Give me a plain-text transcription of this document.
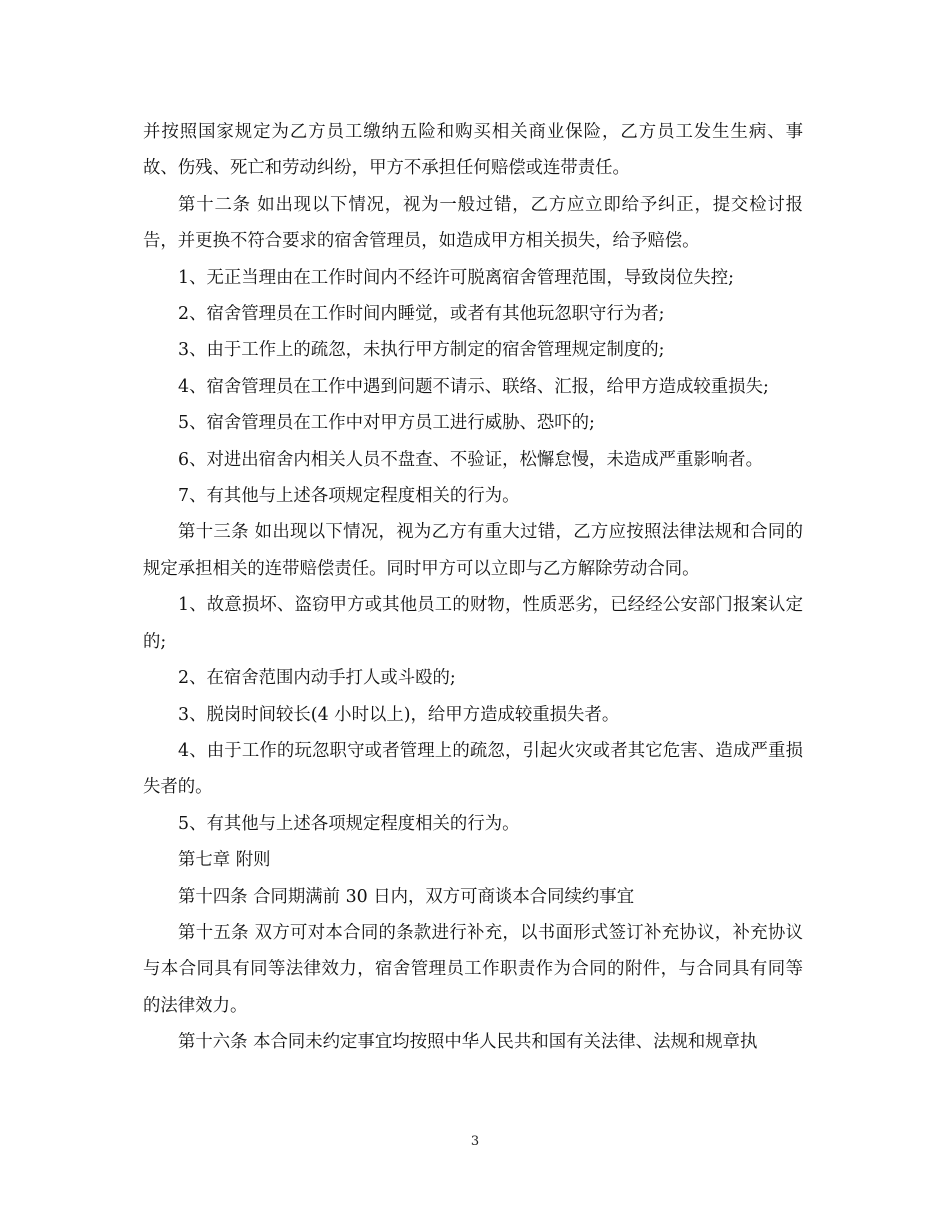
并按照国家规定为乙方员工缴纳五险和购买相关商业保险，乙方员工发生生病、事故、伤残、死亡和劳动纠纷，甲方不承担任何赔偿或连带责任。

第十二条 如出现以下情况，视为一般过错，乙方应立即给予纠正，提交检讨报告，并更换不符合要求的宿舍管理员，如造成甲方相关损失，给予赔偿。

1、无正当理由在工作时间内不经许可脱离宿舍管理范围，导致岗位失控;

2、宿舍管理员在工作时间内睡觉，或者有其他玩忽职守行为者;

3、由于工作上的疏忽，未执行甲方制定的宿舍管理规定制度的;

4、宿舍管理员在工作中遇到问题不请示、联络、汇报，给甲方造成较重损失;

5、宿舍管理员在工作中对甲方员工进行威胁、恐吓的;

6、对进出宿舍内相关人员不盘查、不验证，松懈怠慢，未造成严重影响者。

7、有其他与上述各项规定程度相关的行为。

第十三条 如出现以下情况，视为乙方有重大过错，乙方应按照法律法规和合同的规定承担相关的连带赔偿责任。同时甲方可以立即与乙方解除劳动合同。

1、故意损坏、盗窃甲方或其他员工的财物，性质恶劣，已经经公安部门报案认定的;

2、在宿舍范围内动手打人或斗殴的;

3、脱岗时间较长(4 小时以上)，给甲方造成较重损失者。

4、由于工作的玩忽职守或者管理上的疏忽，引起火灾或者其它危害、造成严重损失者的。

5、有其他与上述各项规定程度相关的行为。

第七章 附则

第十四条 合同期满前 30 日内，双方可商谈本合同续约事宜

第十五条 双方可对本合同的条款进行补充，以书面形式签订补充协议，补充协议与本合同具有同等法律效力，宿舍管理员工作职责作为合同的附件，与合同具有同等的法律效力。

第十六条 本合同未约定事宜均按照中华人民共和国有关法律、法规和规章执

3
